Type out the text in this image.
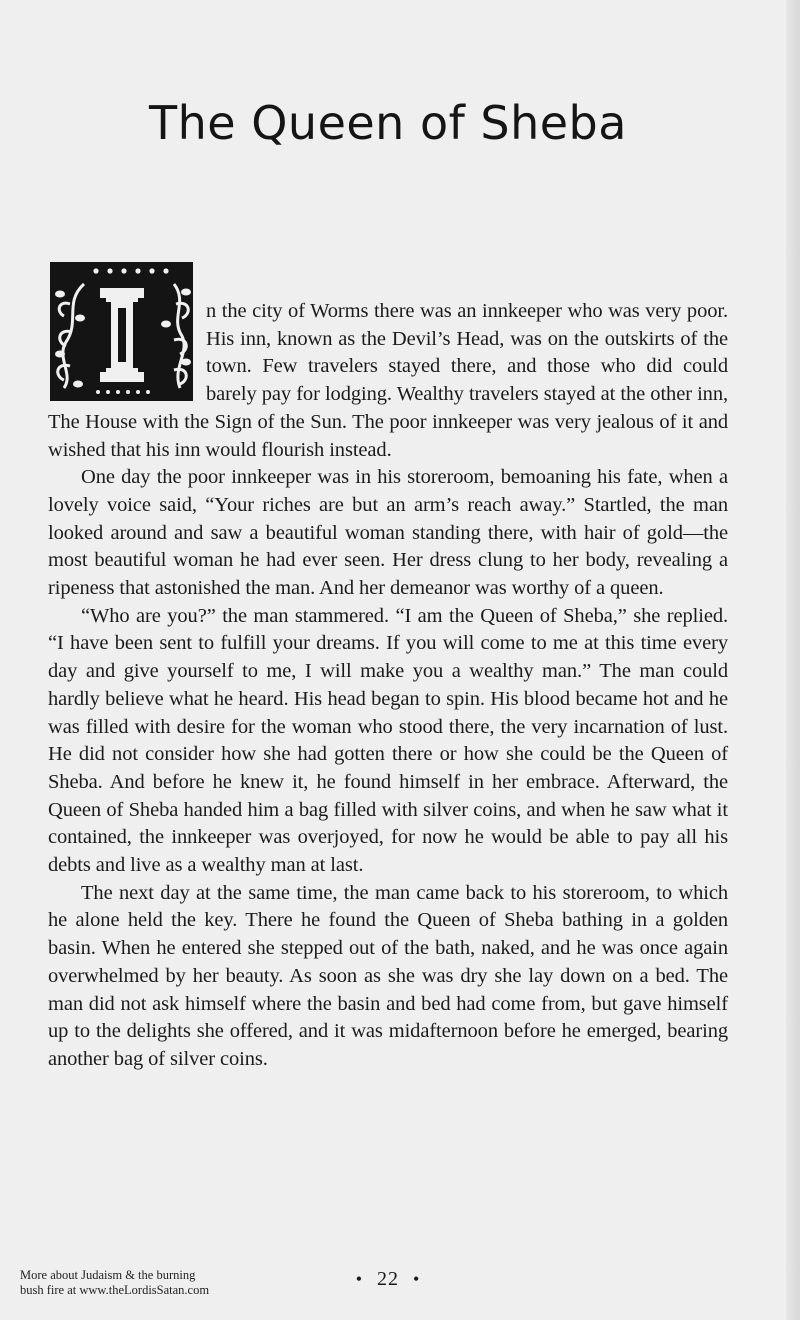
The Queen of Sheba
I

n the city of Worms there was an innkeeper who was very poor. His inn, known as the Devil’s Head, was on the outskirts of the town. Few travelers stayed there, and those who did could barely pay for lodging. Wealthy travelers stayed at the other inn, The House with the Sign of the Sun. The poor innkeeper was very jealous of it and wished that his inn would flourish instead.

One day the poor innkeeper was in his storeroom, bemoaning his fate, when a lovely voice said, “Your riches are but an arm’s reach away.” Startled, the man looked around and saw a beautiful woman standing there, with hair of gold—the most beautiful woman he had ever seen. Her dress clung to her body, revealing a ripeness that astonished the man. And her demeanor was worthy of a queen.

“Who are you?” the man stammered. “I am the Queen of Sheba,” she replied. “I have been sent to fulfill your dreams. If you will come to me at this time every day and give yourself to me, I will make you a wealthy man.” The man could hardly believe what he heard. His head began to spin. His blood became hot and he was filled with desire for the woman who stood there, the very incarnation of lust. He did not consider how she had gotten there or how she could be the Queen of Sheba. And before he knew it, he found himself in her embrace. Afterward, the Queen of Sheba handed him a bag filled with silver coins, and when he saw what it contained, the innkeeper was overjoyed, for now he would be able to pay all his debts and live as a wealthy man at last.

The next day at the same time, the man came back to his storeroom, to which he alone held the key. There he found the Queen of Sheba bathing in a golden basin. When he entered she stepped out of the bath, naked, and he was once again overwhelmed by her beauty. As soon as she was dry she lay down on a bed. The man did not ask himself where the basin and bed had come from, but gave himself up to the delights she offered, and it was midafternoon before he emerged, bearing another bag of silver coins.

More about Judaism & the burning bush fire at www.theLordisSatan.com
• 22 •
